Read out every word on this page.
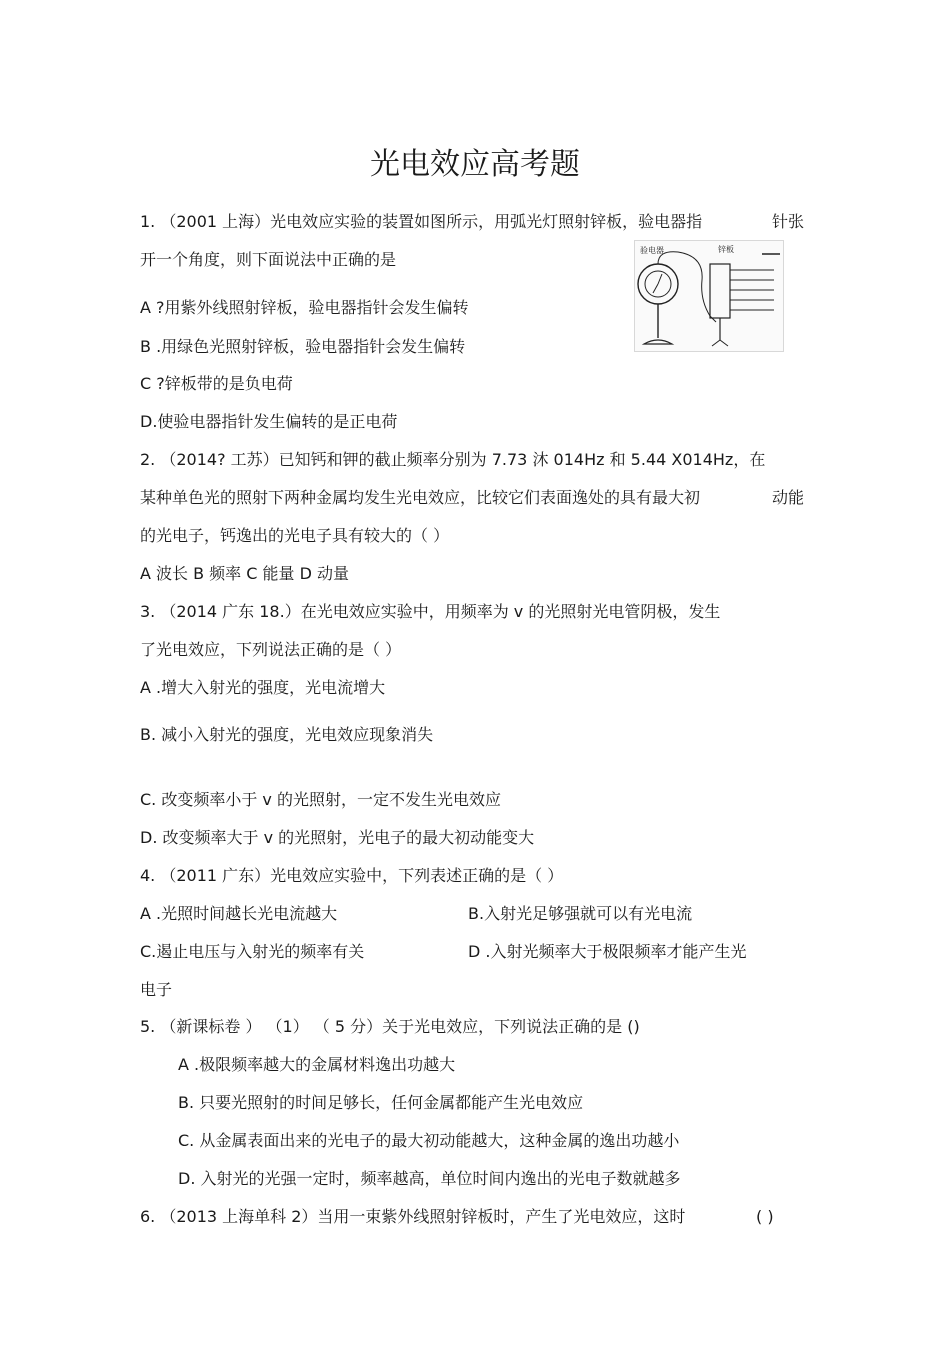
光电效应高考题
1. （2001 上海）光电效应实验的装置如图所示，用弧光灯照射锌板，验电器指	针张
开一个角度，则下面说法中正确的是
A ?用紫外线照射锌板，验电器指针会发生偏转
B .用绿色光照射锌板，验电器指针会发生偏转
C ?锌板带的是负电荷
D.使验电器指针发生偏转的是正电荷
验电器	锌板
2. （2014? 工苏）已知钙和钾的截止频率分别为 7.73 沐 014Hz 和 5.44 X014Hz，在
某种单色光的照射下两种金属均发生光电效应，比较它们表面逸处的具有最大初	动能
的光电子，钙逸出的光电子具有较大的（ ）
A 波长 B 频率 C 能量 D 动量
3. （2014 广东 18.）在光电效应实验中，用频率为 v 的光照射光电管阴极，发生
了光电效应，下列说法正确的是（ ）
A .增大入射光的强度，光电流增大
B. 减小入射光的强度，光电效应现象消失
C. 改变频率小于 v 的光照射，一定不发生光电效应
D. 改变频率大于 v 的光照射，光电子的最大初动能变大
4. （2011 广东）光电效应实验中，下列表述正确的是（ ）
A .光照时间越长光电流越大	B.入射光足够强就可以有光电流
C.遏止电压与入射光的频率有关	D .入射光频率大于极限频率才能产生光
电子
5. （新课标卷 ） （1） （ 5 分）关于光电效应，下列说法正确的是 ()
A .极限频率越大的金属材料逸出功越大
B. 只要光照射的时间足够长，任何金属都能产生光电效应
C. 从金属表面出来的光电子的最大初动能越大，这种金属的逸出功越小
D. 入射光的光强一定时，频率越高，单位时间内逸出的光电子数就越多
6. （2013 上海单科 2）当用一束紫外线照射锌板时，产生了光电效应，这时	( )
